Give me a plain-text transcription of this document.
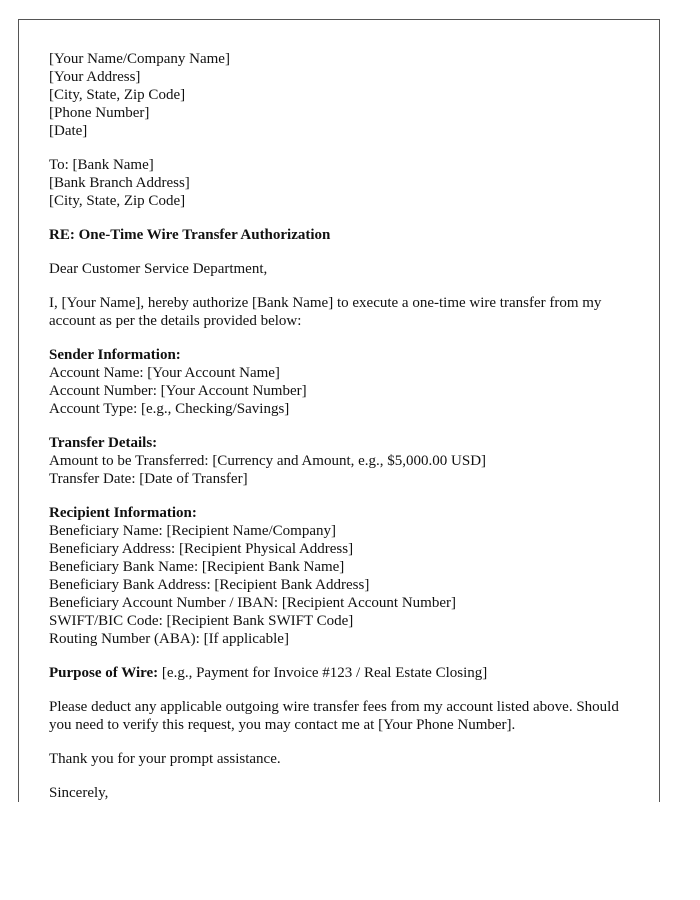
[Your Name/Company Name]
[Your Address]
[City, State, Zip Code]
[Phone Number]
[Date]
To: [Bank Name]
[Bank Branch Address]
[City, State, Zip Code]
RE: One-Time Wire Transfer Authorization
Dear Customer Service Department,
I, [Your Name], hereby authorize [Bank Name] to execute a one-time wire transfer from my account as per the details provided below:
Sender Information:
Account Name: [Your Account Name]
Account Number: [Your Account Number]
Account Type: [e.g., Checking/Savings]
Transfer Details:
Amount to be Transferred: [Currency and Amount, e.g., $5,000.00 USD]
Transfer Date: [Date of Transfer]
Recipient Information:
Beneficiary Name: [Recipient Name/Company]
Beneficiary Address: [Recipient Physical Address]
Beneficiary Bank Name: [Recipient Bank Name]
Beneficiary Bank Address: [Recipient Bank Address]
Beneficiary Account Number / IBAN: [Recipient Account Number]
SWIFT/BIC Code: [Recipient Bank SWIFT Code]
Routing Number (ABA): [If applicable]
Purpose of Wire: [e.g., Payment for Invoice #123 / Real Estate Closing]
Please deduct any applicable outgoing wire transfer fees from my account listed above. Should you need to verify this request, you may contact me at [Your Phone Number].
Thank you for your prompt assistance.
Sincerely,
